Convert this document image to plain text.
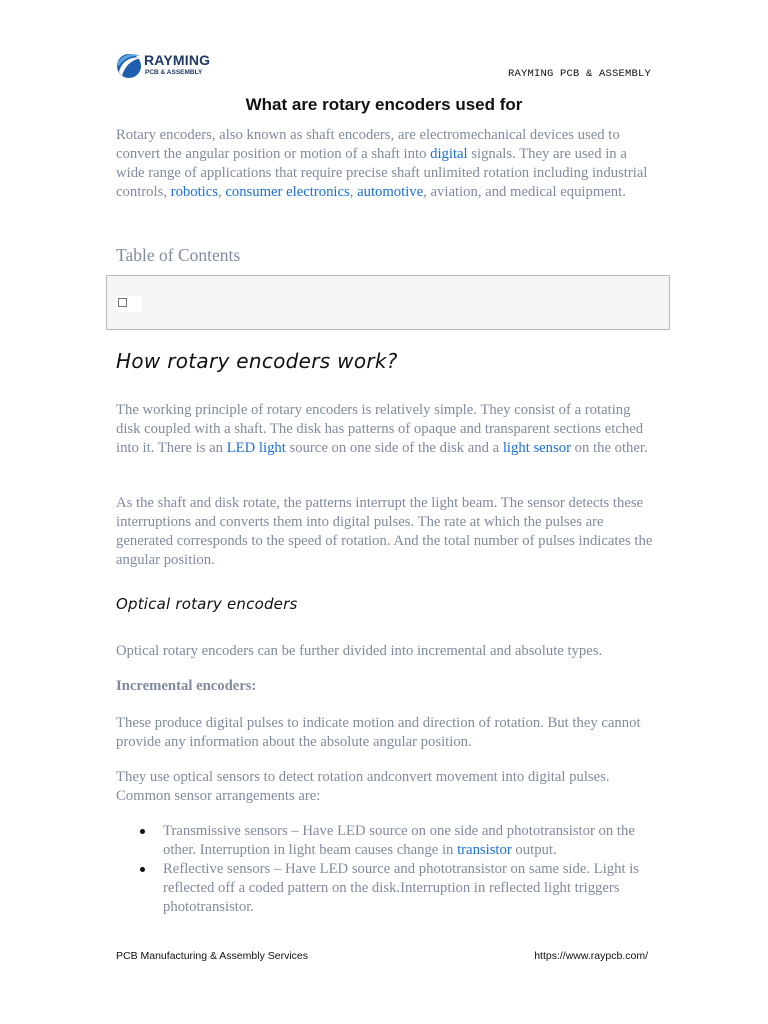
RAYMING
PCB & ASSEMBLY	RAYMING PCB & ASSEMBLY
What are rotary encoders used for
Rotary encoders, also known as shaft encoders, are electromechanical devices used to convert the angular position or motion of a shaft into digital signals. They are used in a wide range of applications that require precise shaft unlimited rotation including industrial controls, robotics, consumer electronics, automotive, aviation, and medical equipment.
Table of Contents
How rotary encoders work?
The working principle of rotary encoders is relatively simple. They consist of a rotating disk coupled with a shaft. The disk has patterns of opaque and transparent sections etched into it. There is an LED light source on one side of the disk and a light sensor on the other.
As the shaft and disk rotate, the patterns interrupt the light beam. The sensor detects these interruptions and converts them into digital pulses. The rate at which the pulses are generated corresponds to the speed of rotation. And the total number of pulses indicates the angular position.
Optical rotary encoders
Optical rotary encoders can be further divided into incremental and absolute types.
Incremental encoders:
These produce digital pulses to indicate motion and direction of rotation. But they cannot provide any information about the absolute angular position.
They use optical sensors to detect rotation andconvert movement into digital pulses. Common sensor arrangements are:
Transmissive sensors – Have LED source on one side and phototransistor on the other. Interruption in light beam causes change in transistor output.
Reflective sensors – Have LED source and phototransistor on same side. Light is reflected off a coded pattern on the disk.Interruption in reflected light triggers phototransistor.
PCB Manufacturing & Assembly Services	https://www.raypcb.com/
